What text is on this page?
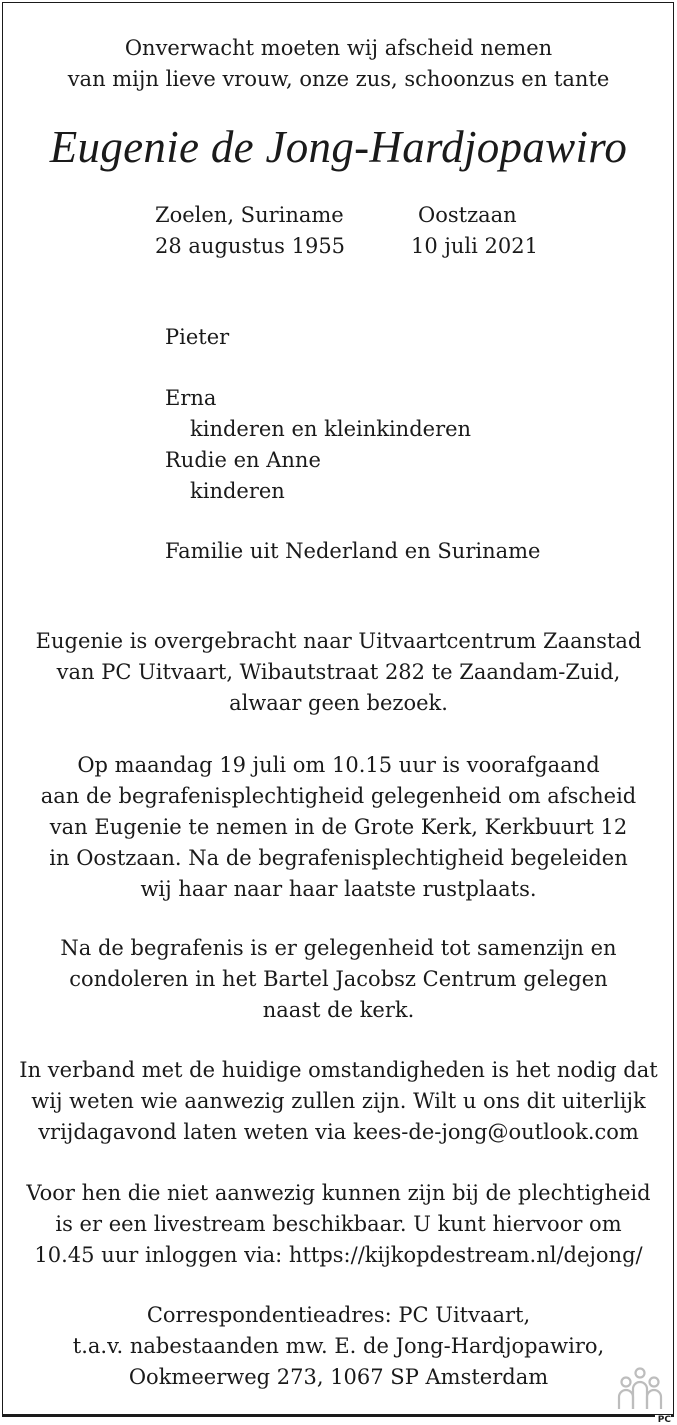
Onverwacht moeten wij afscheid nemen
van mijn lieve vrouw, onze zus, schoonzus en tante
Eugenie de Jong-Hardjopawiro
Zoelen, Suriname
28 augustus 1955
Oostzaan
10 juli 2021
Pieter
Erna
kinderen en kleinkinderen
Rudie en Anne
kinderen
Familie uit Nederland en Suriname
Eugenie is overgebracht naar Uitvaartcentrum Zaanstad
van PC Uitvaart, Wibautstraat 282 te Zaandam-Zuid,
alwaar geen bezoek.
Op maandag 19 juli om 10.15 uur is voorafgaand
aan de begrafenisplechtigheid gelegenheid om afscheid
van Eugenie te nemen in de Grote Kerk, Kerkbuurt 12
in Oostzaan. Na de begrafenisplechtigheid begeleiden
wij haar naar haar laatste rustplaats.
Na de begrafenis is er gelegenheid tot samenzijn en
condoleren in het Bartel Jacobsz Centrum gelegen
naast de kerk.
In verband met de huidige omstandigheden is het nodig dat
wij weten wie aanwezig zullen zijn. Wilt u ons dit uiterlijk
vrijdagavond laten weten via kees-de-jong@outlook.com
Voor hen die niet aanwezig kunnen zijn bij de plechtigheid
is er een livestream beschikbaar. U kunt hiervoor om
10.45 uur inloggen via: https://kijkopdestream.nl/dejong/
Correspondentieadres: PC Uitvaart,
t.a.v. nabestaanden mw. E. de Jong-Hardjopawiro,
Ookmeerweg 273, 1067 SP Amsterdam
PC
